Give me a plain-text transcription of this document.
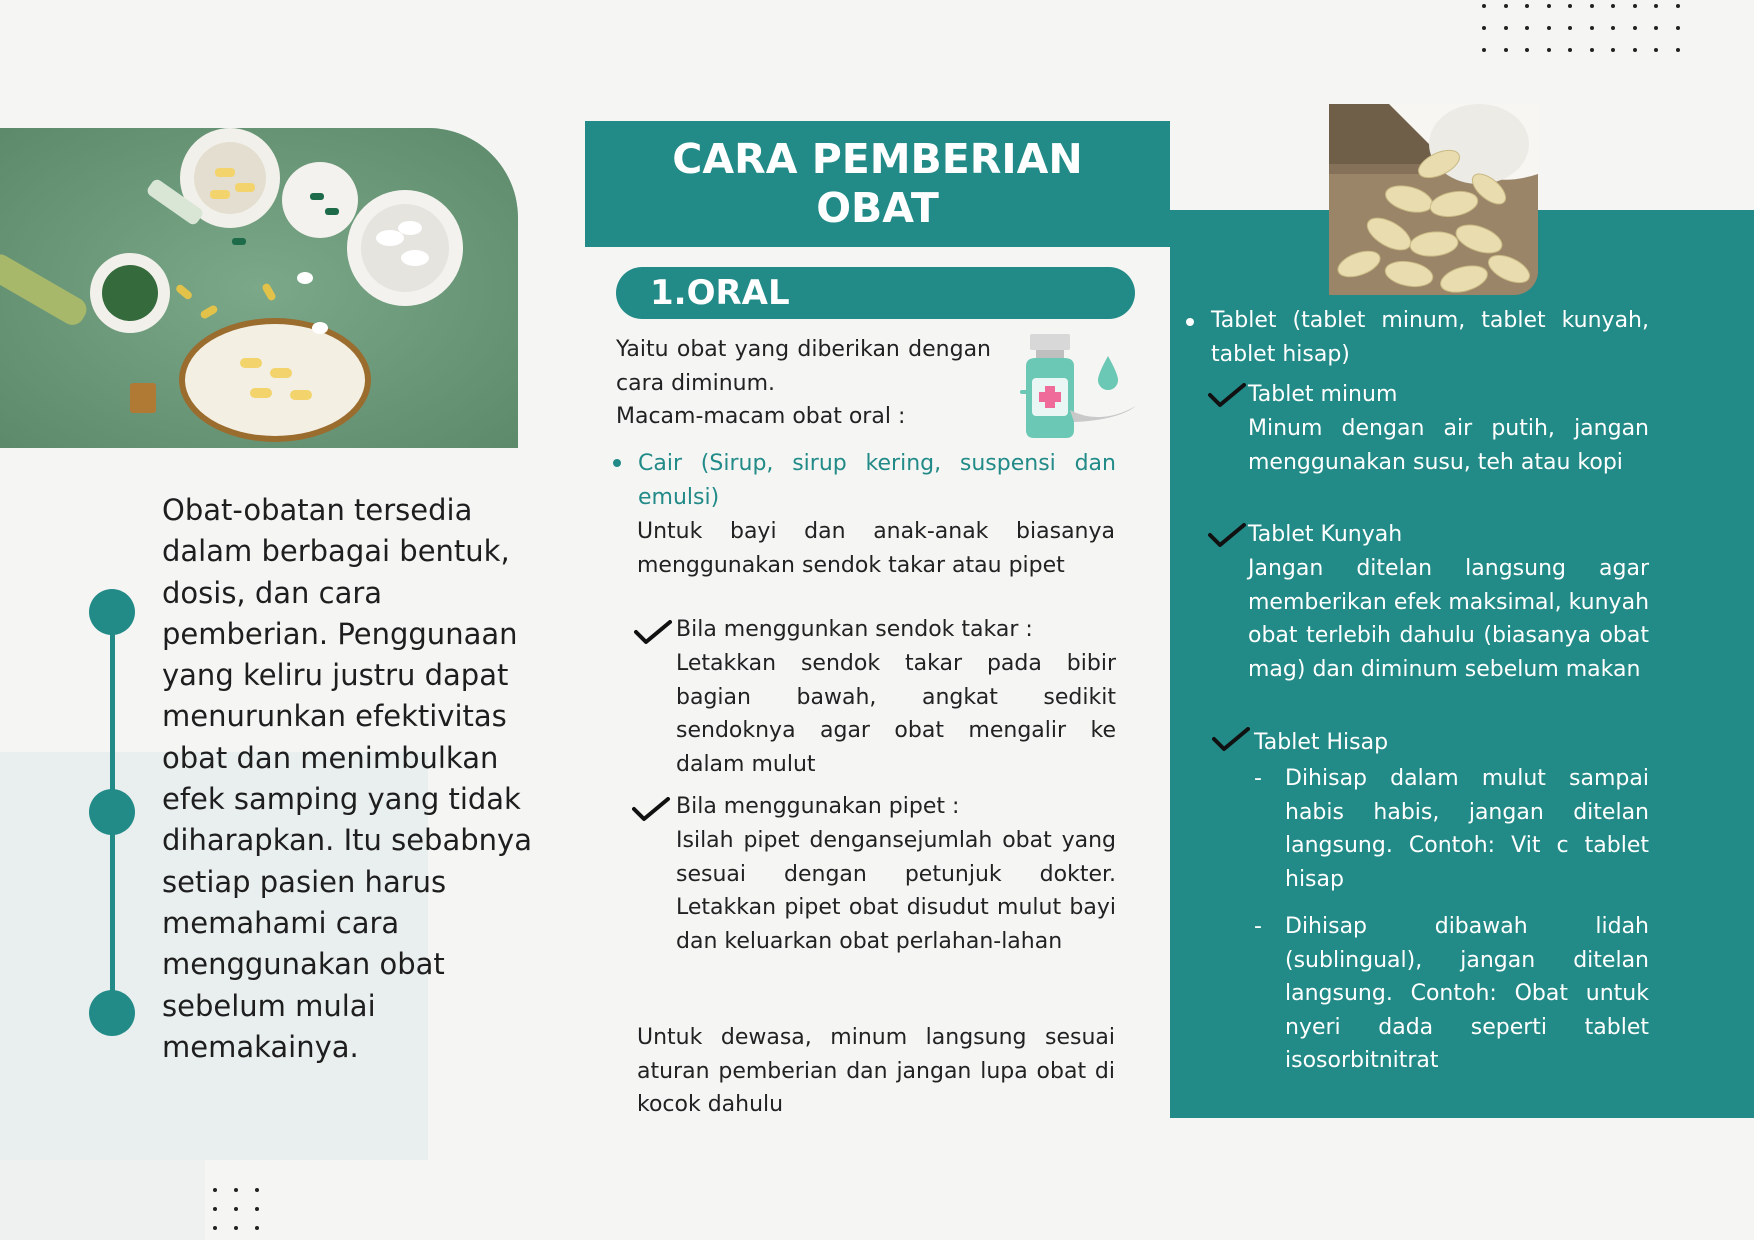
Obat-obatan tersedia dalam berbagai bentuk, dosis, dan cara pemberian. Penggunaan yang keliru justru dapat menurunkan efektivitas obat dan menimbulkan efek samping yang tidak diharapkan. Itu sebabnya setiap pasien harus memahami cara menggunakan obat sebelum mulai memakainya.
CARA PEMBERIAN OBAT
1.ORAL
Yaitu obat yang diberikan dengan cara diminum.
Macam-macam obat oral :
Cair (Sirup, sirup kering, suspensi dan emulsi)
Untuk bayi dan anak-anak biasanya menggunakan sendok takar atau pipet
Bila menggunkan sendok takar :
Letakkan sendok takar pada bibir bagian bawah, angkat sedikit sendoknya agar obat mengalir ke dalam mulut
Bila menggunakan pipet :
Isilah pipet dengansejumlah obat yang sesuai dengan petunjuk dokter. Letakkan pipet obat disudut mulut bayi dan keluarkan obat perlahan-lahan
Untuk dewasa, minum langsung sesuai aturan pemberian dan jangan lupa obat di kocok dahulu
Tablet (tablet minum, tablet kunyah, tablet hisap)
Tablet minum
Minum dengan air putih, jangan menggunakan susu, teh atau kopi
Tablet Kunyah
Jangan ditelan langsung agar memberikan efek maksimal, kunyah obat terlebih dahulu (biasanya obat mag) dan diminum sebelum makan
Tablet Hisap
- Dihisap dalam mulut sampai habis habis, jangan ditelan langsung. Contoh: Vit c tablet hisap
- Dihisap dibawah lidah (sublingual), jangan ditelan langsung. Contoh: Obat untuk nyeri dada seperti tablet isosorbitnitrat
